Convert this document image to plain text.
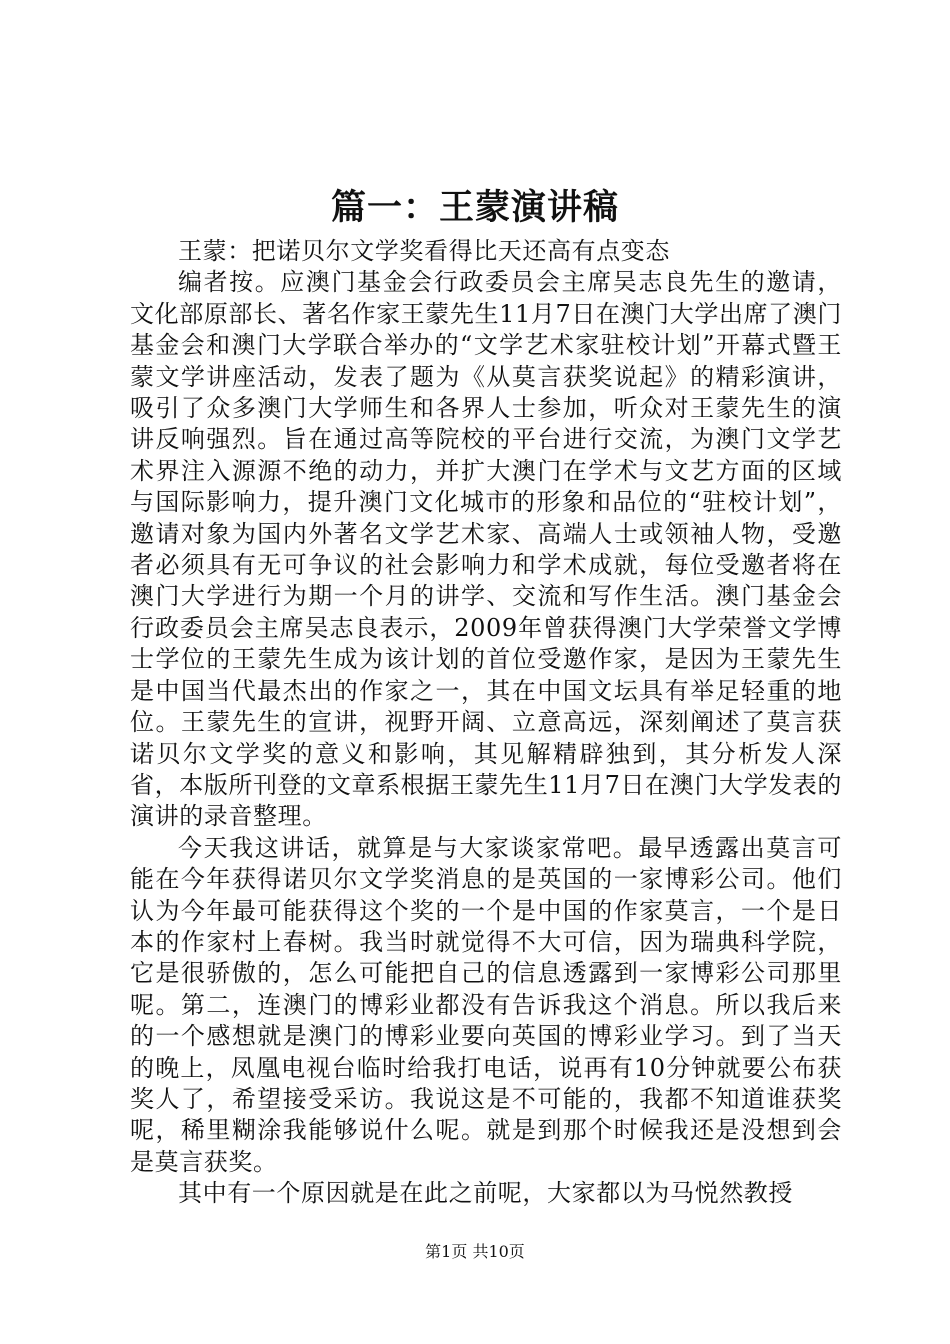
篇一：王蒙演讲稿

王蒙：把诺贝尔文学奖看得比天还高有点变态

编者按。应澳门基金会行政委员会主席吴志良先生的邀请，文化部原部长、著名作家王蒙先生11月7日在澳门大学出席了澳门基金会和澳门大学联合举办的“文学艺术家驻校计划”开幕式暨王蒙文学讲座活动，发表了题为《从莫言获奖说起》的精彩演讲，吸引了众多澳门大学师生和各界人士参加，听众对王蒙先生的演讲反响强烈。旨在通过高等院校的平台进行交流，为澳门文学艺术界注入源源不绝的动力，并扩大澳门在学术与文艺方面的区域与国际影响力，提升澳门文化城市的形象和品位的“驻校计划”，邀请对象为国内外著名文学艺术家、高端人士或领袖人物，受邀者必须具有无可争议的社会影响力和学术成就，每位受邀者将在澳门大学进行为期一个月的讲学、交流和写作生活。澳门基金会行政委员会主席吴志良表示，2009年曾获得澳门大学荣誉文学博士学位的王蒙先生成为该计划的首位受邀作家，是因为王蒙先生是中国当代最杰出的作家之一，其在中国文坛具有举足轻重的地位。王蒙先生的宣讲，视野开阔、立意高远，深刻阐述了莫言获诺贝尔文学奖的意义和影响，其见解精辟独到，其分析发人深省，本版所刊登的文章系根据王蒙先生11月7日在澳门大学发表的演讲的录音整理。

今天我这讲话，就算是与大家谈家常吧。最早透露出莫言可能在今年获得诺贝尔文学奖消息的是英国的一家博彩公司。他们认为今年最可能获得这个奖的一个是中国的作家莫言，一个是日本的作家村上春树。我当时就觉得不大可信，因为瑞典科学院，它是很骄傲的，怎么可能把自己的信息透露到一家博彩公司那里呢。第二，连澳门的博彩业都没有告诉我这个消息。所以我后来的一个感想就是澳门的博彩业要向英国的博彩业学习。到了当天的晚上，凤凰电视台临时给我打电话，说再有10分钟就要公布获奖人了，希望接受采访。我说这是不可能的，我都不知道谁获奖呢，稀里糊涂我能够说什么呢。就是到那个时候我还是没想到会是莫言获奖。

其中有一个原因就是在此之前呢，大家都以为马悦然教授

第1页 共10页
